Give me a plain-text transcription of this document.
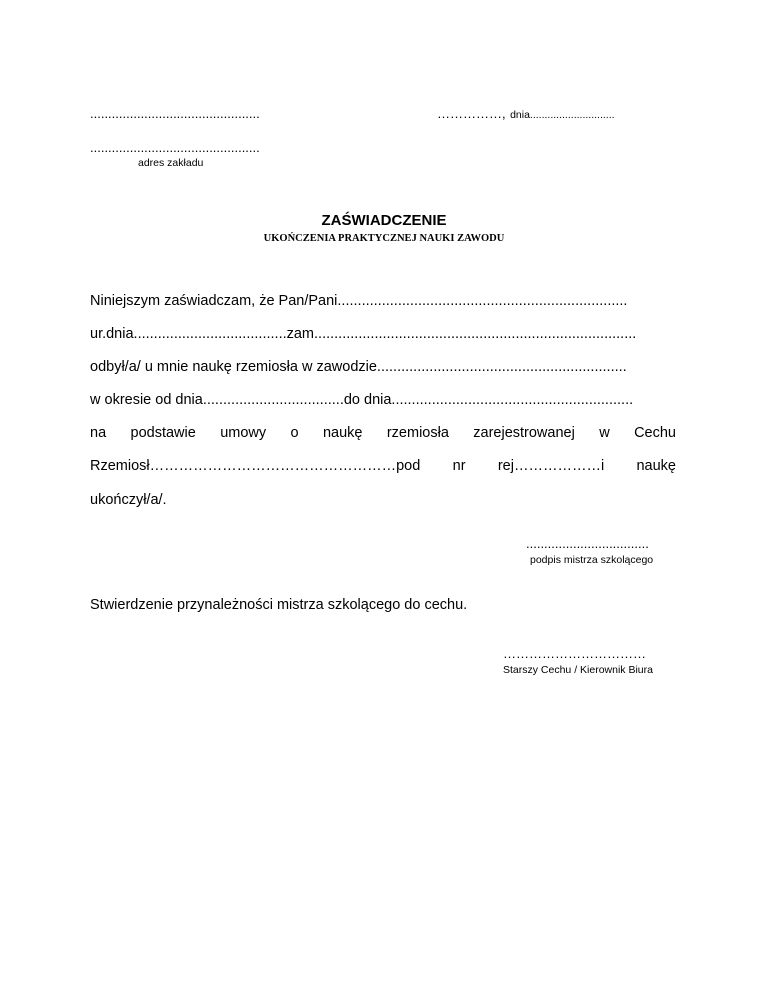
...............................................	……………, dnia.............................
...............................................
adres zakładu
ZAŚWIADCZENIE
UKOŃCZENIA PRAKTYCZNEJ NAUKI ZAWODU
Niniejszym zaświadczam, że Pan/Pani........................................................................
ur.dnia......................................zam................................................................................
odbył/a/ u mnie naukę rzemiosła w zawodzie..............................................................
w okresie od dnia...................................do dnia............................................................
na podstawie umowy o naukę rzemiosła zarejestrowanej w Cechu
Rzemiosł……………………………………………pod nr rej………………i naukę
ukończył/a/.
..................................
podpis mistrza szkolącego
Stwierdzenie przynależności mistrza szkolącego do cechu.
……………………………
Starszy Cechu / Kierownik Biura
